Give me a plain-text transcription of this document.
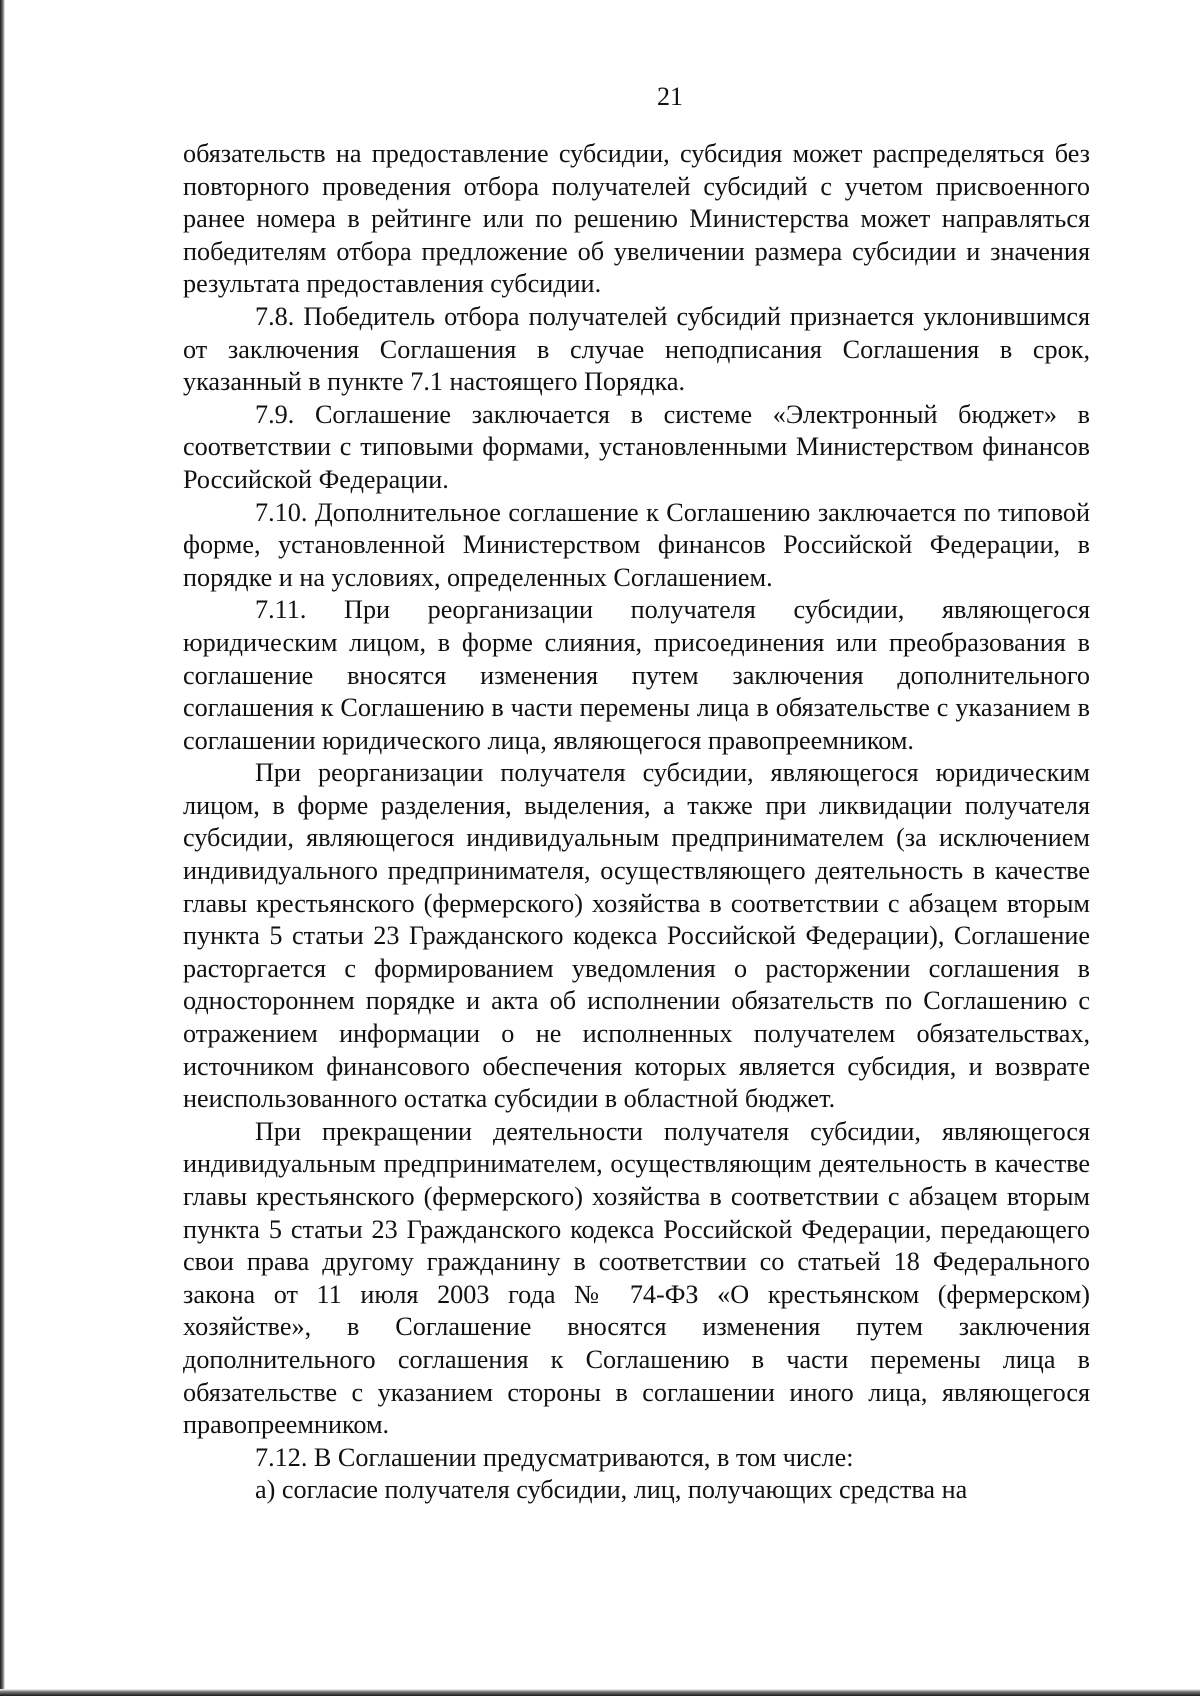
21

обязательств на предоставление субсидии, субсидия может распределяться без повторного проведения отбора получателей субсидий с учетом присвоенного ранее номера в рейтинге или по решению Министерства может направляться победителям отбора предложение об увеличении размера субсидии и значения результата предоставления субсидии.

7.8. Победитель отбора получателей субсидий признается уклонившимся от заключения Соглашения в случае неподписания Соглашения в срок, указанный в пункте 7.1 настоящего Порядка.

7.9. Соглашение заключается в системе «Электронный бюджет» в соответствии с типовыми формами, установленными Министерством финансов Российской Федерации.

7.10. Дополнительное соглашение к Соглашению заключается по типовой форме, установленной Министерством финансов Российской Федерации, в порядке и на условиях, определенных Соглашением.

7.11. При реорганизации получателя субсидии, являющегося юридическим лицом, в форме слияния, присоединения или преобразования в соглашение вносятся изменения путем заключения дополнительного соглашения к Соглашению в части перемены лица в обязательстве с указанием в соглашении юридического лица, являющегося правопреемником.

При реорганизации получателя субсидии, являющегося юридическим лицом, в форме разделения, выделения, а также при ликвидации получателя субсидии, являющегося индивидуальным предпринимателем (за исключением индивидуального предпринимателя, осуществляющего деятельность в качестве главы крестьянского (фермерского) хозяйства в соответствии с абзацем вторым пункта 5 статьи 23 Гражданского кодекса Российской Федерации), Соглашение расторгается с формированием уведомления о расторжении соглашения в одностороннем порядке и акта об исполнении обязательств по Соглашению с отражением информации о не исполненных получателем обязательствах, источником финансового обеспечения которых является субсидия, и возврате неиспользованного остатка субсидии в областной бюджет.

При прекращении деятельности получателя субсидии, являющегося индивидуальным предпринимателем, осуществляющим деятельность в качестве главы крестьянского (фермерского) хозяйства в соответствии с абзацем вторым пункта 5 статьи 23 Гражданского кодекса Российской Федерации, передающего свои права другому гражданину в соответствии со статьей 18 Федерального закона от 11 июля 2003 года № 74-ФЗ «О крестьянском (фермерском) хозяйстве», в Соглашение вносятся изменения путем заключения дополнительного соглашения к Соглашению в части перемены лица в обязательстве с указанием стороны в соглашении иного лица, являющегося правопреемником.

7.12. В Соглашении предусматриваются, в том числе:

а) согласие получателя субсидии, лиц, получающих средства на
